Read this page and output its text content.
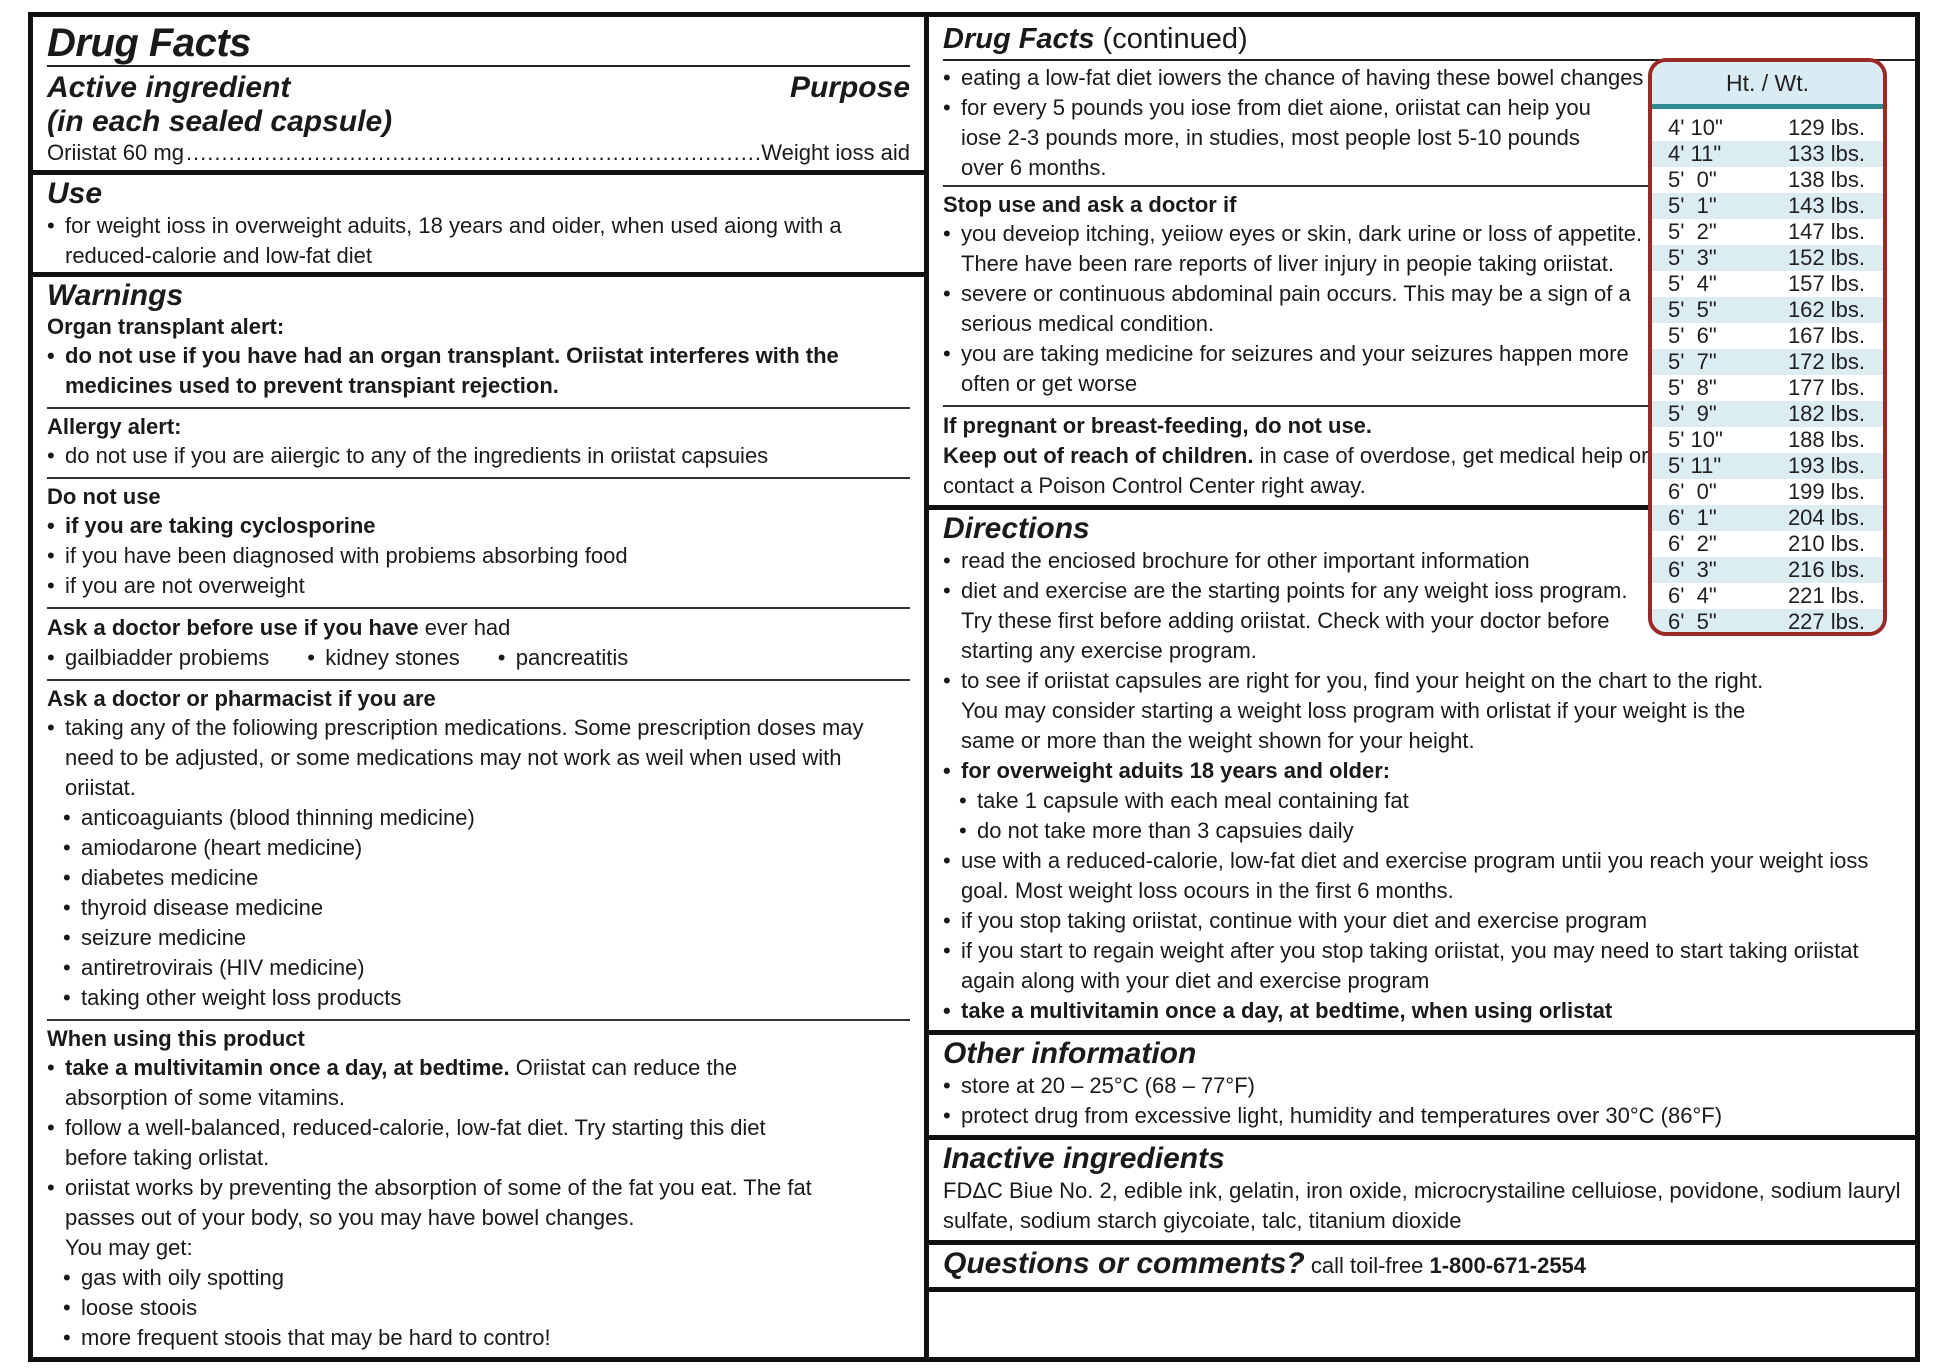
Drug Facts
Active ingredient
(in each sealed capsule)
Purpose
Oriistat 60 mg .....	Weight ioss aid
Use

• for weight ioss in overweight aduits, 18 years and oider, when used aiong with a reduced-calorie and low-fat diet

Warnings
Organ transplant alert:

• do not use if you have had an organ transplant. Oriistat interferes with the medicines used to prevent transpiant rejection.

Allergy alert:

• do not use if you are aiiergic to any of the ingredients in oriistat capsuies

Do not use

• if you are taking cyclosporine

• if you have been diagnosed with probiems absorbing food

• if you are not overweight

Ask a doctor before use if you have ever had
• gailbiadder probiems	• kidney stones	• pancreatitis
Ask a doctor or pharmacist if you are

• taking any of the foliowing prescription medications. Some prescription doses may need to be adjusted, or some medications may not work as weil when used with oriistat.

• anticoaguiants (blood thinning medicine)

• amiodarone (heart medicine)

• diabetes medicine

• thyroid disease medicine

• seizure medicine

• antiretrovirais (HIV medicine)

• taking other weight loss products

When using this product

• take a multivitamin once a day, at bedtime. Oriistat can reduce the absorption of some vitamins.

• follow a well-balanced, reduced-calorie, low-fat diet. Try starting this diet before taking orlistat.

• oriistat works by preventing the absorption of some of the fat you eat. The fat passes out of your body, so you may have bowel changes.

You may get:

• gas with oily spotting

• loose stoois

• more frequent stoois that may be hard to contro!

Drug Facts (continued)

• eating a low-fat diet iowers the chance of having these bowel changes

• for every 5 pounds you iose from diet aione, oriistat can heip you iose 2-3 pounds more, in studies, most people lost 5-10 pounds over 6 months.

Stop use and ask a doctor if

• you deveiop itching, yeiiow eyes or skin, dark urine or loss of appetite. There have been rare reports of liver injury in peopie taking oriistat.

• severe or continuous abdominal pain occurs. This may be a sign of a serious medical condition.

• you are taking medicine for seizures and your seizures happen more often or get worse

If pregnant or breast-feeding, do not use.

Keep out of reach of children. in case of overdose, get medical heip or contact a Poison Control Center right away.

Directions

• read the enciosed brochure for other important information

• diet and exercise are the starting points for any weight ioss program. Try these first before adding oriistat. Check with your doctor before starting any exercise program.

• to see if oriistat capsules are right for you, find your height on the chart to the right. You may consider starting a weight loss program with orlistat if your weight is the same or more than the weight shown for your height.

• for overweight aduits 18 years and older:

• take 1 capsule with each meal containing fat

• do not take more than 3 capsuies daily

• use with a reduced-calorie, low-fat diet and exercise program untii you reach your weight ioss goal. Most weight loss ocours in the first 6 months.

• if you stop taking oriistat, continue with your diet and exercise program

• if you start to regain weight after you stop taking oriistat, you may need to start taking oriistat again along with your diet and exercise program

• take a multivitamin once a day, at bedtime, when using orlistat

Other information

• store at 20 – 25°C (68 – 77°F)

• protect drug from excessive light, humidity and temperatures over 30°C (86°F)

Inactive ingredients

FDΔC Biue No. 2, edible ink, gelatin, iron oxide, microcrystailine celluiose, povidone, sodium lauryl sulfate, sodium starch giycoiate, talc, titanium dioxide

Questions or comments? call toil-free 1-800-671-2554
Ht. / Wt.
4' 10"	129 lbs.
4' 11"	133 lbs.
5'  0"	138 lbs.
5'  1"	143 lbs.
5'  2"	147 lbs.
5'  3"	152 lbs.
5'  4"	157 lbs.
5'  5"	162 lbs.
5'  6"	167 lbs.
5'  7"	172 lbs.
5'  8"	177 lbs.
5'  9"	182 lbs.
5' 10"	188 lbs.
5' 11"	193 lbs.
6'  0"	199 lbs.
6'  1"	204 lbs.
6'  2"	210 lbs.
6'  3"	216 lbs.
6'  4"	221 lbs.
6'  5"	227 lbs.
